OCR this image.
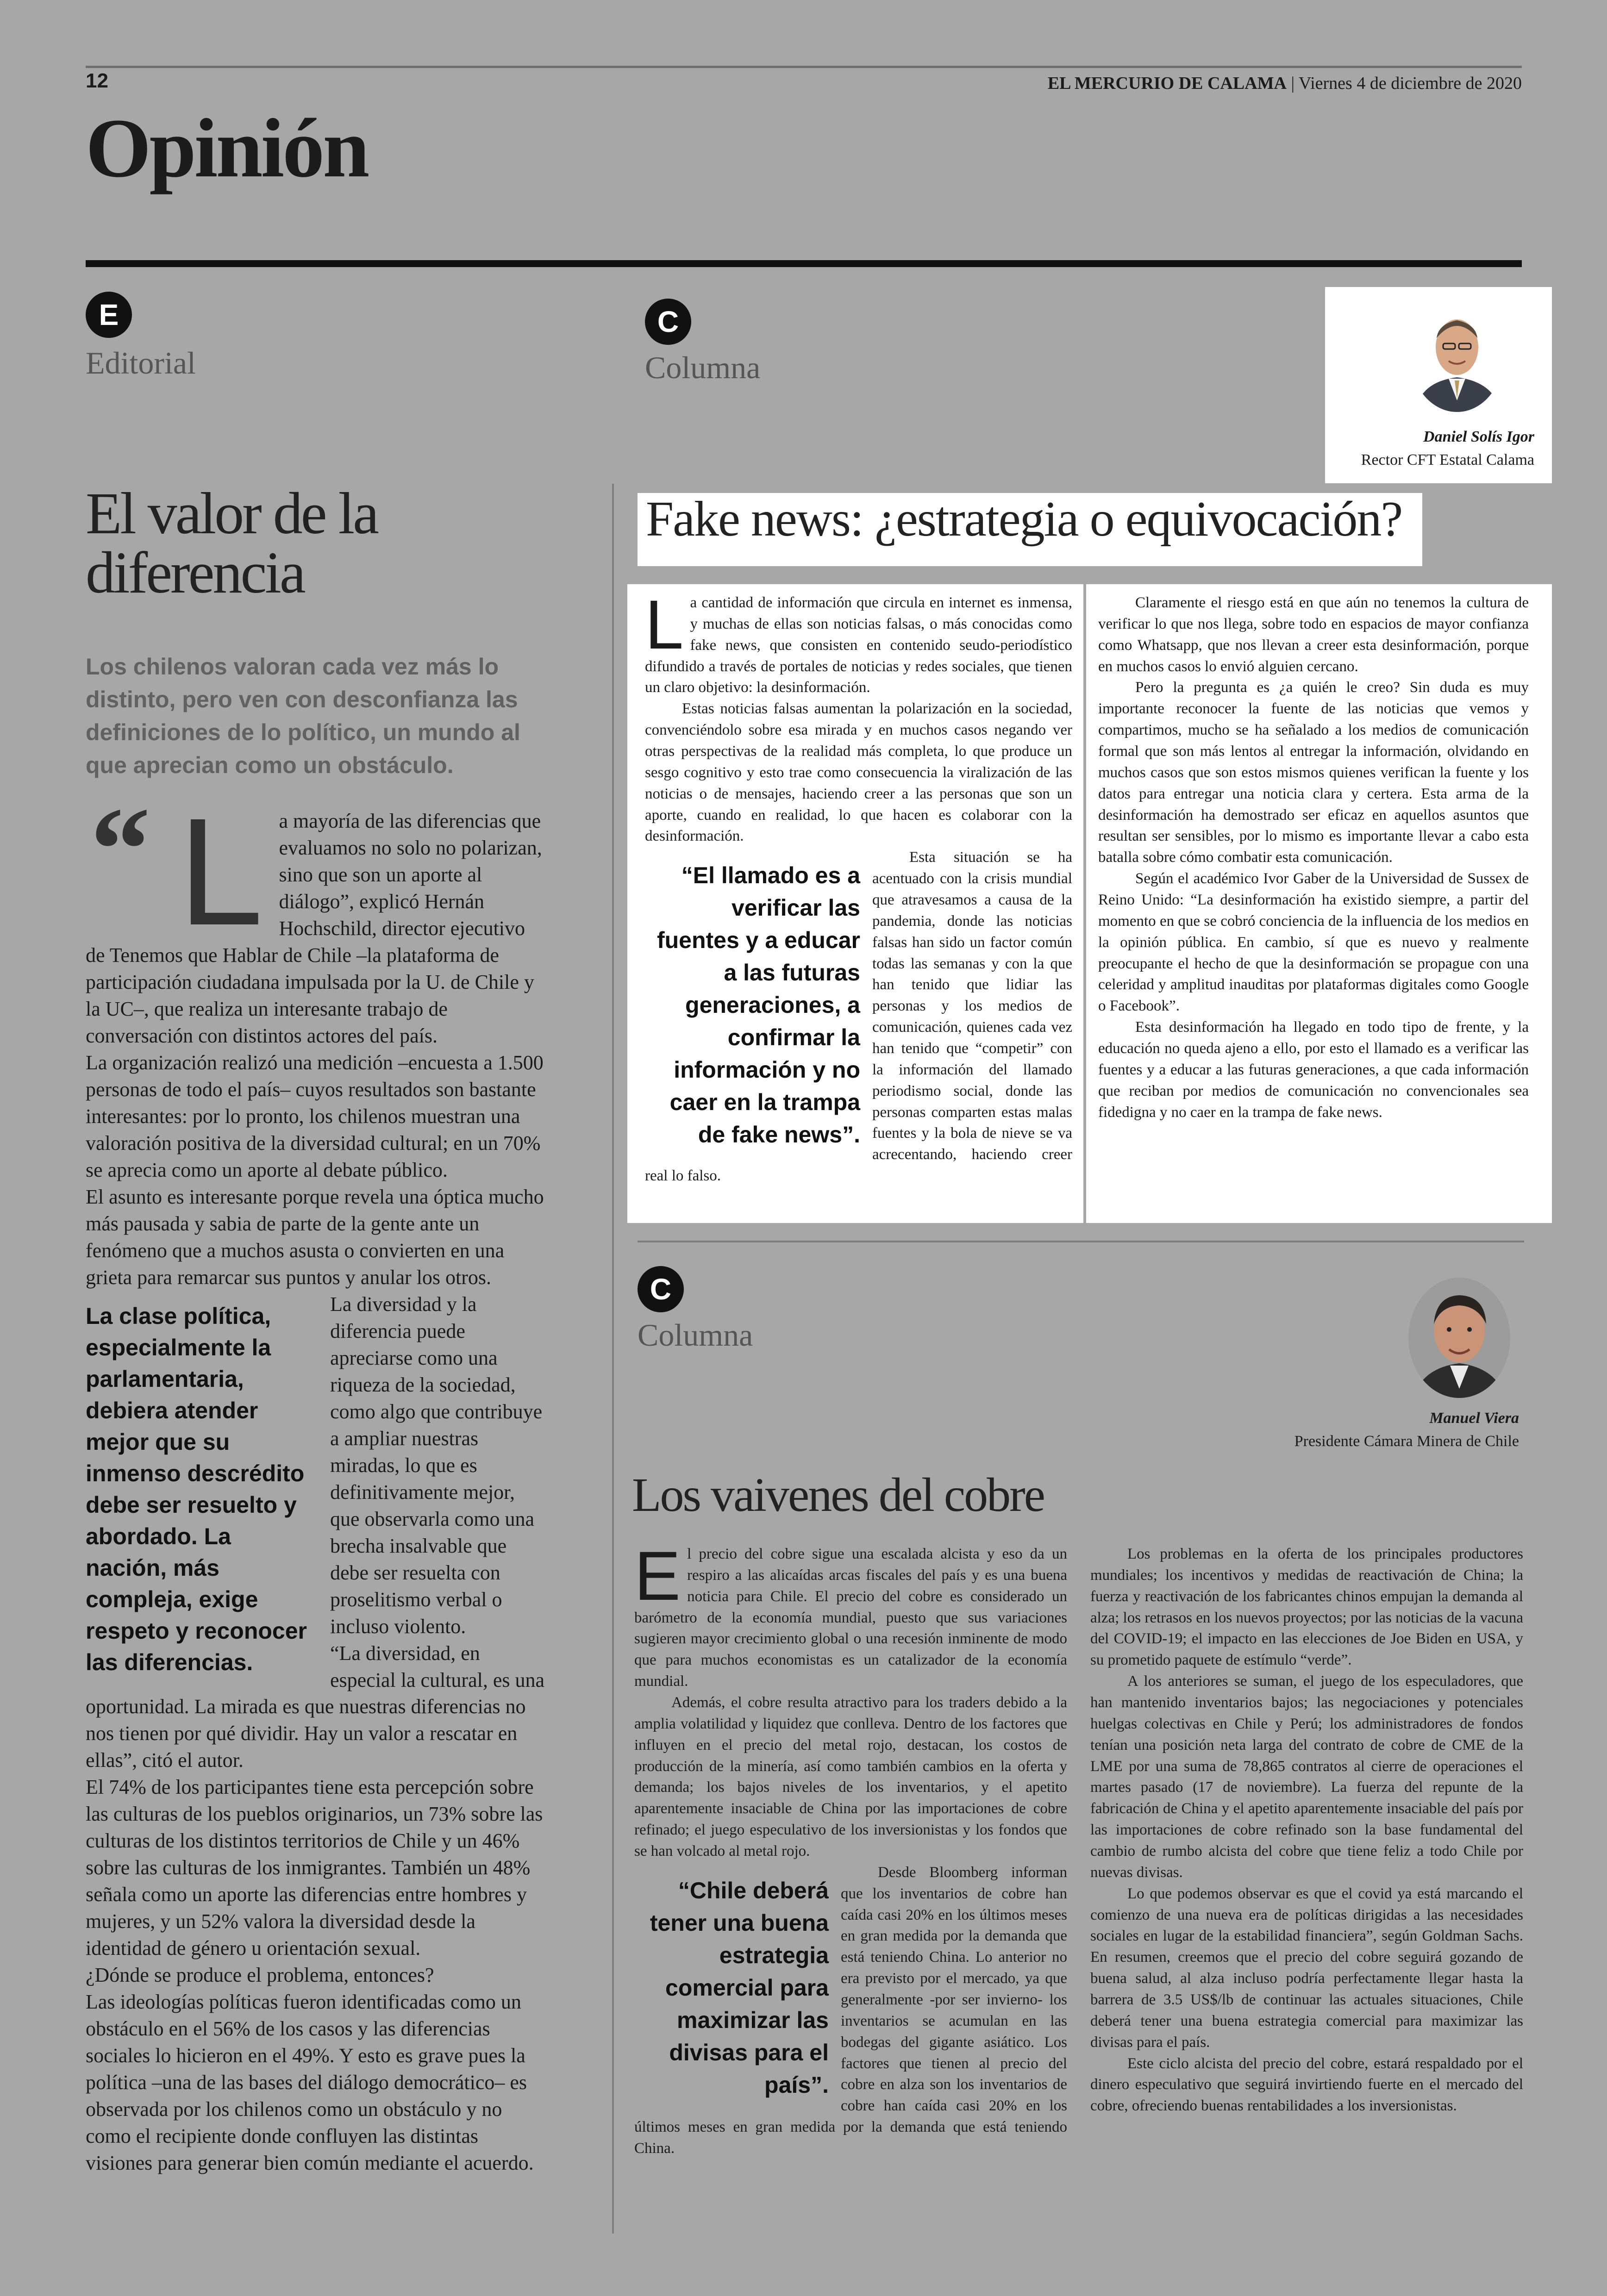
12	EL MERCURIO DE CALAMA | Viernes 4 de diciembre de 2020
Opinión
E
Editorial
El valor de la
diferencia
Los chilenos valoran cada vez más lo distinto, pero ven con desconfianza las definiciones de lo político, un mundo al que aprecian como un obstáculo.
“ L a mayoría de las diferencias que evaluamos no solo no polarizan, sino que son un aporte al diálogo”, explicó Hernán Hochschild, director ejecutivo de Tenemos que Hablar de Chile –la plataforma de participación ciudadana impulsada por la U. de Chile y la UC–, que realiza un interesante trabajo de conversación con distintos actores del país.

La organización realizó una medición –encuesta a 1.500 personas de todo el país– cuyos resultados son bastante interesantes: por lo pronto, los chilenos muestran una valoración positiva de la diversidad cultural; en un 70% se aprecia como un aporte al debate público.

El asunto es interesante porque revela una óptica mucho más pausada y sabia de parte de la gente ante un fenómeno que a muchos asusta o convierten en una grieta para remarcar sus puntos y anular los otros.

La clase política, especialmente la parlamentaria, debiera atender mejor que su inmenso descrédito debe ser resuelto y abordado. La nación, más compleja, exige respeto y reconocer las diferencias.

La diversidad y la diferencia puede apreciarse como una riqueza de la sociedad, como algo que contribuye a ampliar nuestras miradas, lo que es definitivamente mejor, que observarla como una brecha insalvable que debe ser resuelta con proselitismo verbal o incluso violento.

“La diversidad, en especial la cultural, es una oportunidad. La mirada es que nuestras diferencias no nos tienen por qué dividir. Hay un valor a rescatar en ellas”, citó el autor.

El 74% de los participantes tiene esta percepción sobre las culturas de los pueblos originarios, un 73% sobre las culturas de los distintos territorios de Chile y un 46% sobre las culturas de los inmigrantes. También un 48% señala como un aporte las diferencias entre hombres y mujeres, y un 52% valora la diversidad desde la identidad de género u orientación sexual.

¿Dónde se produce el problema, entonces?

Las ideologías políticas fueron identificadas como un obstáculo en el 56% de los casos y las diferencias sociales lo hicieron en el 49%. Y esto es grave pues la política –una de las bases del diálogo democrático– es observada por los chilenos como un obstáculo y no como el recipiente donde confluyen las distintas visiones para generar bien común mediante el acuerdo.

C
Columna
Daniel Solís Igor
Rector CFT Estatal Calama
Fake news: ¿estrategia o equivocación?
L a cantidad de información que circula en internet es inmensa, y muchas de ellas son noticias falsas, o más conocidas como fake news, que consisten en contenido seudo-periodístico difundido a través de portales de noticias y redes sociales, que tienen un claro objetivo: la desinformación.

Estas noticias falsas aumentan la polarización en la sociedad, convenciéndolo sobre esa mirada y en muchos casos negando ver otras perspectivas de la realidad más completa, lo que produce un sesgo cognitivo y esto trae como consecuencia la viralización de las noticias o de mensajes, haciendo creer a las personas que son un aporte, cuando en realidad, lo que hacen es colaborar con la desinformación.

“El llamado es a verificar las fuentes y a educar a las futuras generaciones, a confirmar la información y no caer en la trampa de fake news”.

Esta situación se ha acentuado con la crisis mundial que atravesamos a causa de la pandemia, donde las noticias falsas han sido un factor común todas las semanas y con la que han tenido que lidiar las personas y los medios de comunicación, quienes cada vez han tenido que “competir” con la información del llamado periodismo social, donde las personas comparten estas malas fuentes y la bola de nieve se va acrecentando, haciendo creer real lo falso.

Claramente el riesgo está en que aún no tenemos la cultura de verificar lo que nos llega, sobre todo en espacios de mayor confianza como Whatsapp, que nos llevan a creer esta desinformación, porque en muchos casos lo envió alguien cercano.

Pero la pregunta es ¿a quién le creo? Sin duda es muy importante reconocer la fuente de las noticias que vemos y compartimos, mucho se ha señalado a los medios de comunicación formal que son más lentos al entregar la información, olvidando en muchos casos que son estos mismos quienes verifican la fuente y los datos para entregar una noticia clara y certera. Esta arma de la desinformación ha demostrado ser eficaz en aquellos asuntos que resultan ser sensibles, por lo mismo es importante llevar a cabo esta batalla sobre cómo combatir esta comunicación.

Según el académico Ivor Gaber de la Universidad de Sussex de Reino Unido: “La desinformación ha existido siempre, a partir del momento en que se cobró conciencia de la influencia de los medios en la opinión pública. En cambio, sí que es nuevo y realmente preocupante el hecho de que la desinformación se propague con una celeridad y amplitud inauditas por plataformas digitales como Google o Facebook”.

Esta desinformación ha llegado en todo tipo de frente, y la educación no queda ajeno a ello, por esto el llamado es a verificar las fuentes y a educar a las futuras generaciones, a que cada información que reciban por medios de comunicación no convencionales sea fidedigna y no caer en la trampa de fake news.

C
Columna
Manuel Viera
Presidente Cámara Minera de Chile
Los vaivenes del cobre
E l precio del cobre sigue una escalada alcista y eso da un respiro a las alicaídas arcas fiscales del país y es una buena noticia para Chile. El precio del cobre es considerado un barómetro de la economía mundial, puesto que sus variaciones sugieren mayor crecimiento global o una recesión inminente de modo que para muchos economistas es un catalizador de la economía mundial.

Además, el cobre resulta atractivo para los traders debido a la amplia volatilidad y liquidez que conlleva. Dentro de los factores que influyen en el precio del metal rojo, destacan, los costos de producción de la minería, así como también cambios en la oferta y demanda; los bajos niveles de los inventarios, y el apetito aparentemente insaciable de China por las importaciones de cobre refinado; el juego especulativo de los inversionistas y los fondos que se han volcado al metal rojo.

“Chile deberá tener una buena estrategia comercial para maximizar las divisas para el país”.

Desde Bloomberg informan que los inventarios de cobre han caída casi 20% en los últimos meses en gran medida por la demanda que está teniendo China. Lo anterior no era previsto por el mercado, ya que generalmente -por ser invierno- los inventarios se acumulan en las bodegas del gigante asiático. Los factores que tienen al precio del cobre en alza son los inventarios de cobre han caída casi 20% en los últimos meses en gran medida por la demanda que está teniendo China.

Los problemas en la oferta de los principales productores mundiales; los incentivos y medidas de reactivación de China; la fuerza y reactivación de los fabricantes chinos empujan la demanda al alza; los retrasos en los nuevos proyectos; por las noticias de la vacuna del COVID-19; el impacto en las elecciones de Joe Biden en USA, y su prometido paquete de estímulo “verde”.

A los anteriores se suman, el juego de los especuladores, que han mantenido inventarios bajos; las negociaciones y potenciales huelgas colectivas en Chile y Perú; los administradores de fondos tenían una posición neta larga del contrato de cobre de CME de la LME por una suma de 78,865 contratos al cierre de operaciones el martes pasado (17 de noviembre). La fuerza del repunte de la fabricación de China y el apetito aparentemente insaciable del país por las importaciones de cobre refinado son la base fundamental del cambio de rumbo alcista del cobre que tiene feliz a todo Chile por nuevas divisas.

Lo que podemos observar es que el covid ya está marcando el comienzo de una nueva era de políticas dirigidas a las necesidades sociales en lugar de la estabilidad financiera”, según Goldman Sachs. En resumen, creemos que el precio del cobre seguirá gozando de buena salud, al alza incluso podría perfectamente llegar hasta la barrera de 3.5 US$/lb de continuar las actuales situaciones, Chile deberá tener una buena estrategia comercial para maximizar las divisas para el país.

Este ciclo alcista del precio del cobre, estará respaldado por el dinero especulativo que seguirá invirtiendo fuerte en el mercado del cobre, ofreciendo buenas rentabilidades a los inversionistas.
